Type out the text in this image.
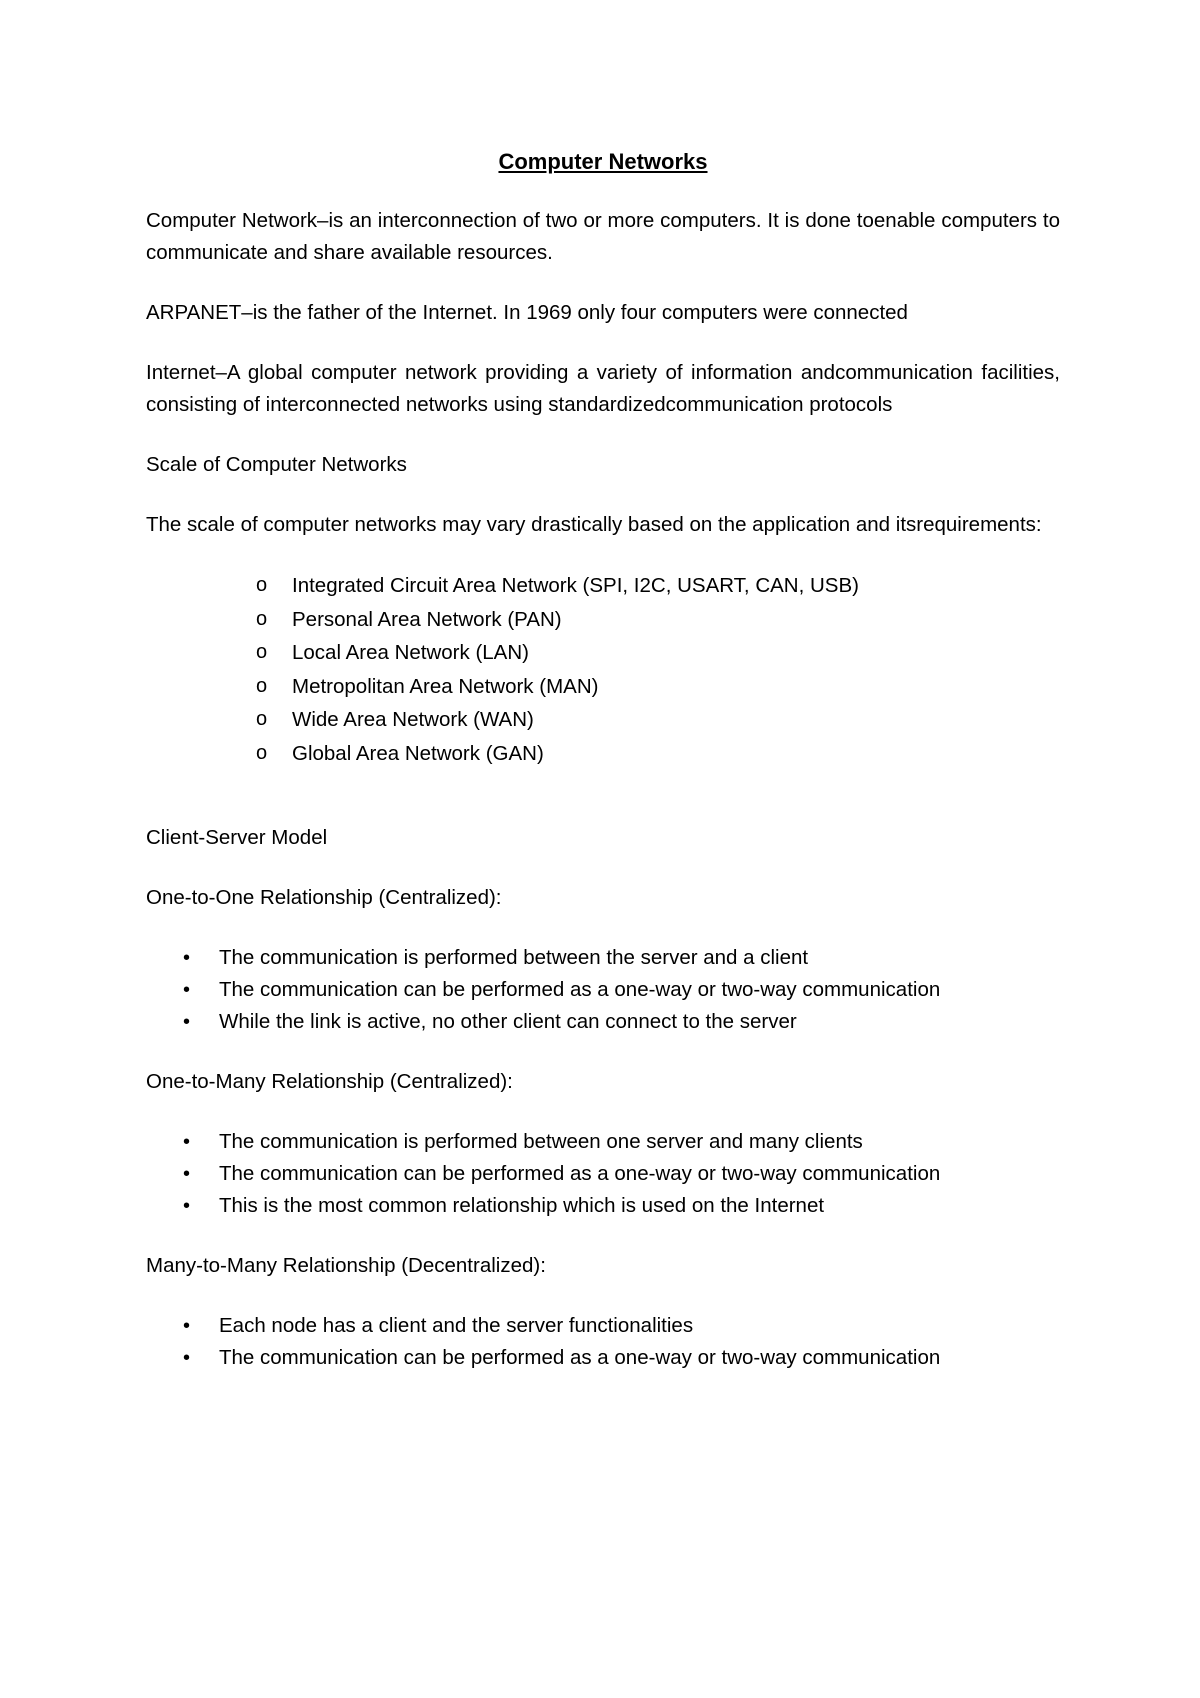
Computer Networks

Computer Network–is an interconnection of two or more computers. It is done toenable computers to communicate and share available resources.

ARPANET–is the father of the Internet. In 1969 only four computers were connected

Internet–A global computer network providing a variety of information andcommunication facilities, consisting of interconnected networks using standardizedcommunication protocols

Scale of Computer Networks

The scale of computer networks may vary drastically based on the application and itsrequirements:

o Integrated Circuit Area Network (SPI, I2C, USART, CAN, USB)
o Personal Area Network (PAN)
o Local Area Network (LAN)
o Metropolitan Area Network (MAN)
o Wide Area Network (WAN)
o Global Area Network (GAN)

Client-Server Model

One-to-One Relationship (Centralized):

• The communication is performed between the server and a client
• The communication can be performed as a one-way or two-way communication
• While the link is active, no other client can connect to the server

One-to-Many Relationship (Centralized):

• The communication is performed between one server and many clients
• The communication can be performed as a one-way or two-way communication
• This is the most common relationship which is used on the Internet

Many-to-Many Relationship (Decentralized):

• Each node has a client and the server functionalities
• The communication can be performed as a one-way or two-way communication
